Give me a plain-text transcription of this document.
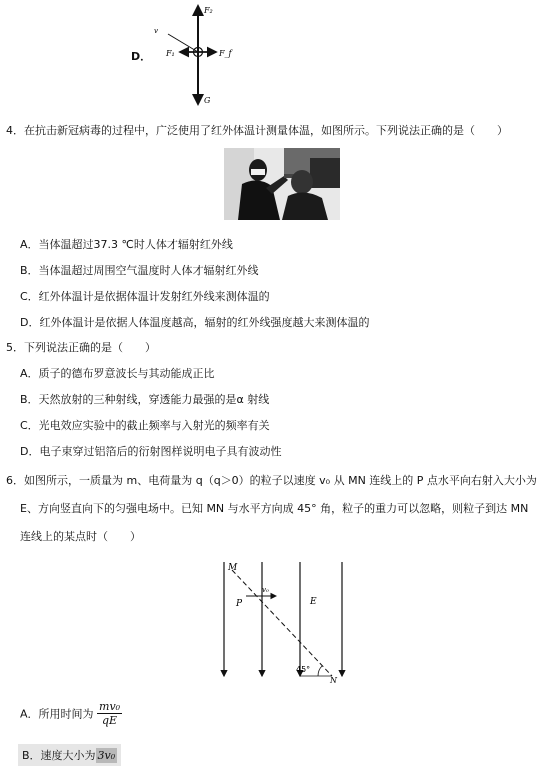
D．
F₂
v
F₁	F_f
G
4．在抗击新冠病毒的过程中，广泛使用了红外体温计测量体温，如图所示。下列说法正确的是（　　）
A．当体温超过37.3 ℃时人体才辐射红外线
B．当体温超过周围空气温度时人体才辐射红外线
C．红外体温计是依据体温计发射红外线来测体温的
D．红外体温计是依据人体温度越高，辐射的红外线强度越大来测体温的
5．下列说法正确的是（　　）
A．质子的德布罗意波长与其动能成正比
B．天然放射的三种射线，穿透能力最强的是α 射线
C．光电效应实验中的截止频率与入射光的频率有关
D．电子束穿过铝箔后的衍射图样说明电子具有波动性
6．如图所示，一质量为 m、电荷量为 q（q＞0）的粒子以速度 v₀ 从 MN 连线上的 P 点水平向右射入大小为
E、方向竖直向下的匀强电场中。已知 MN 与水平方向成 45° 角，粒子的重力可以忽略，则粒子到达 MN
连线上的某点时（　　）
M
P
v₀
E
45°
N
A．所用时间为 $\frac{\text{mv₀}}{qE}$
B．速度大小为 3v₀
